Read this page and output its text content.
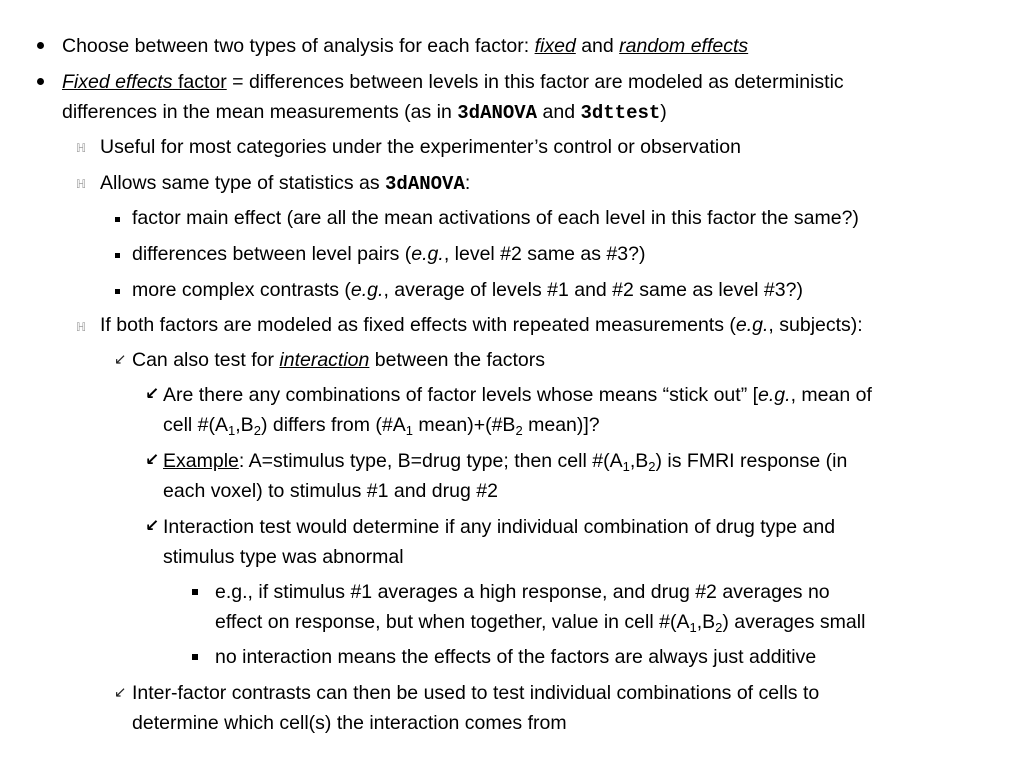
Choose between two types of analysis for each factor: fixed and random effects
Fixed effects factor = differences between levels in this factor are modeled as deterministic
differences in the mean measurements (as in 3dANOVA and 3dttest)
ℍ Useful for most categories under the experimenter’s control or observation
ℍ Allows same type of statistics as 3dANOVA:
factor main effect (are all the mean activations of each level in this factor the same?)
differences between level pairs (e.g., level #2 same as #3?)
more complex contrasts (e.g., average of levels #1 and #2 same as level #3?)
ℍ If both factors are modeled as fixed effects with repeated measurements (e.g., subjects):
↙ Can also test for interaction between the factors
↙ Are there any combinations of factor levels whose means “stick out” [e.g., mean of
cell $\#(A_1,B_2)$ differs from ($\#A_1$ $mean)+(\#B_2$ mean)]?
↙ Example: A=stimulus type, B=drug type; then cell $\#(A_1,B_2)$ is FMRI response (in
each voxel) to stimulus #1 and drug #2
↙ Interaction test would determine if any individual combination of drug type and
stimulus type was abnormal
e.g., if stimulus #1 averages a high response, and drug #2 averages no
effect on response, but when together, value in cell $\#(A_1,B_2)$ averages small
no interaction means the effects of the factors are always just additive
↙ Inter-factor contrasts can then be used to test individual combinations of cells to
determine which cell(s) the interaction comes from
